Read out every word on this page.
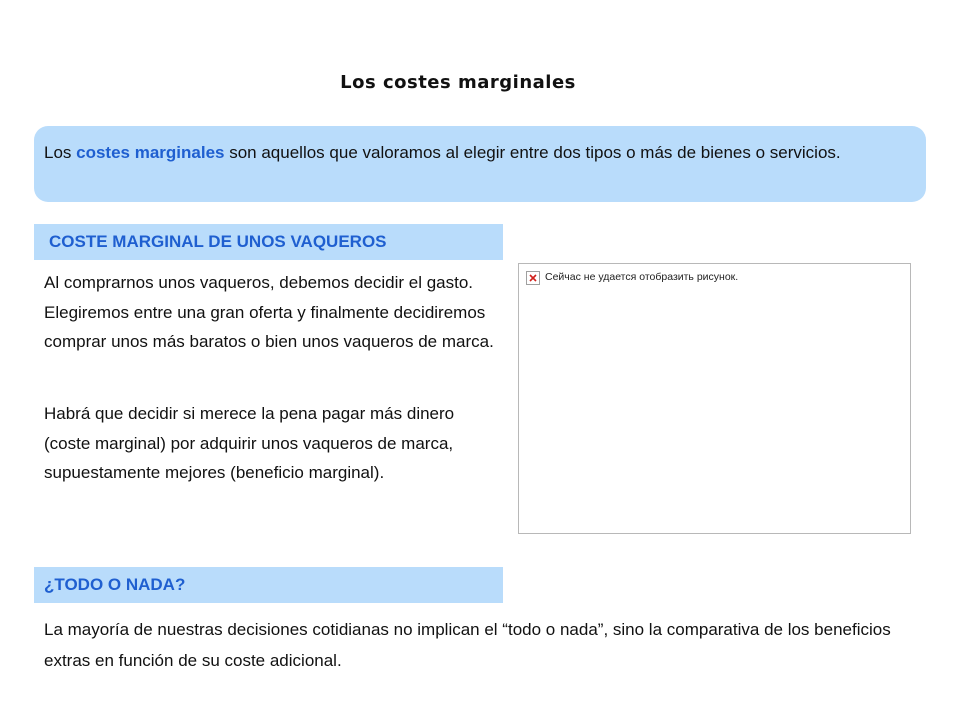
Los costes marginales
Los costes marginales son aquellos que valoramos al elegir entre dos tipos o más de bienes o servicios.
COSTE MARGINAL DE UNOS VAQUEROS
Al comprarnos unos vaqueros, debemos decidir el gasto. Elegiremos entre una gran oferta y finalmente decidiremos comprar unos más baratos o bien unos vaqueros de marca.
Habrá que decidir si merece la pena pagar más dinero (coste marginal) por adquirir unos vaqueros de marca, supuestamente mejores (beneficio marginal).
Сейчас не удается отобразить рисунок.
¿TODO O NADA?
La mayoría de nuestras decisiones cotidianas no implican el “todo o nada”, sino la comparativa de los beneficios extras en función de su coste adicional.
